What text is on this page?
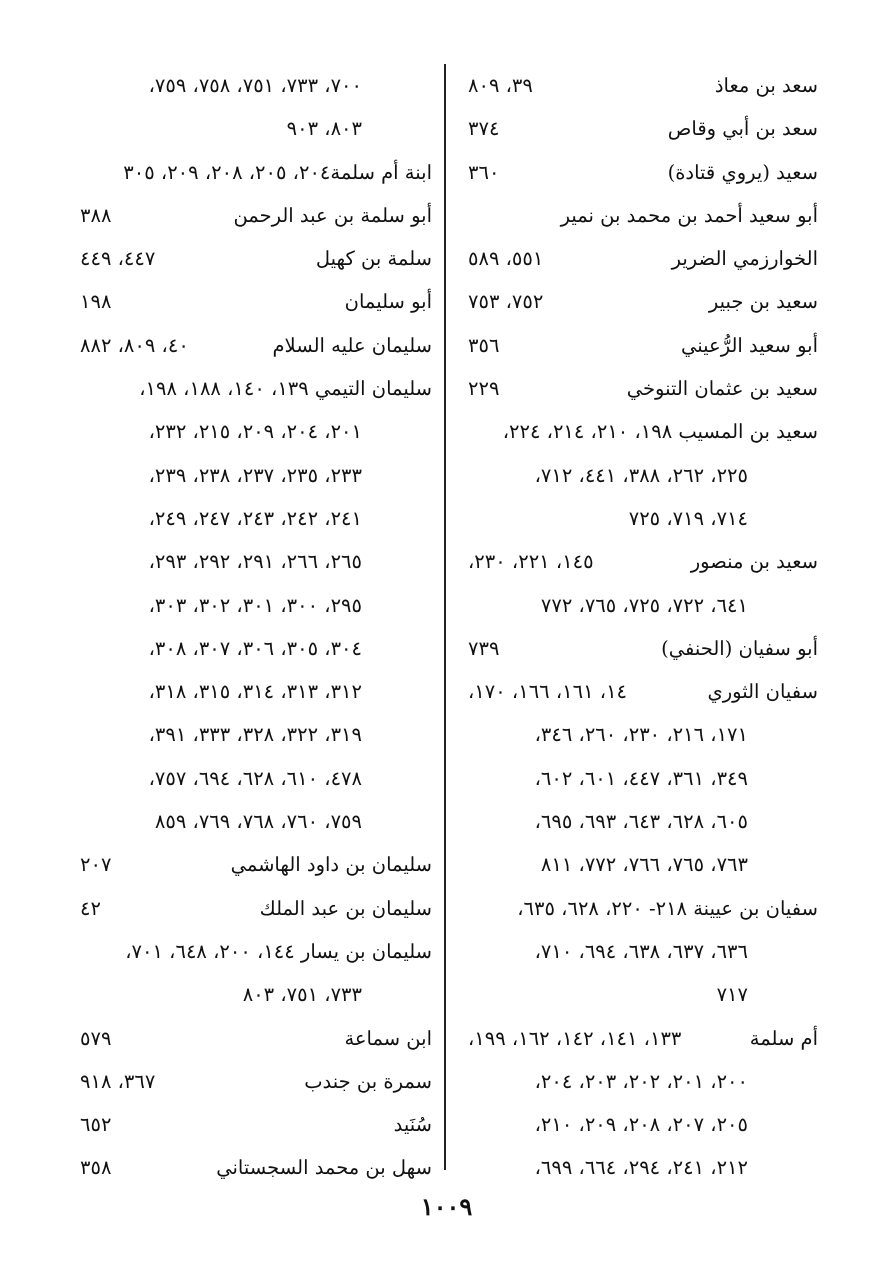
سعد بن معاذ
٣٩، ٨٠٩
سعد بن أبي وقاص
٣٧٤
سعيد (يروي قتادة)
٣٦٠
أبو سعيد أحمد بن محمد بن نمير
الخوارزمي الضرير
٥٥١، ٥٨٩
سعيد بن جبير
٧٥٢، ٧٥٣
أبو سعيد الرُّعيني
٣٥٦
سعيد بن عثمان التنوخي
٢٢٩
سعيد بن المسيب ١٩٨، ٢١٠، ٢١٤، ٢٢٤،
٢٢٥، ٢٦٢، ٣٨٨، ٤٤١، ٧١٢،
٧١٤، ٧١٩، ٧٢٥
سعيد بن منصور
١٤٥، ٢٢١، ٢٣٠،
٦٤١، ٧٢٢، ٧٢٥، ٧٦٥، ٧٧٢
أبو سفيان (الحنفي)
٧٣٩
سفيان الثوري
١٤، ١٦١، ١٦٦، ١٧٠،
١٧١، ٢١٦، ٢٣٠، ٢٦٠، ٣٤٦،
٣٤٩، ٣٦١، ٤٤٧، ٦٠١، ٦٠٢،
٦٠٥، ٦٢٨، ٦٤٣، ٦٩٣، ٦٩٥،
٧٦٣، ٧٦٥، ٧٦٦، ٧٧٢، ٨١١
سفيان بن عيينة ٢١٨- ٢٢٠، ٦٢٨، ٦٣٥،
٦٣٦، ٦٣٧، ٦٣٨، ٦٩٤، ٧١٠،
٧١٧
أم سلمة
١٣٣، ١٤١، ١٤٢، ١٦٢، ١٩٩،
٢٠٠، ٢٠١، ٢٠٢، ٢٠٣، ٢٠٤،
٢٠٥، ٢٠٧، ٢٠٨، ٢٠٩، ٢١٠،
٢١٢، ٢٤١، ٢٩٤، ٦٦٤، ٦٩٩،
٧٠٠، ٧٣٣، ٧٥١، ٧٥٨، ٧٥٩،
٨٠٣، ٩٠٣
ابنة أم سلمة٢٠٤، ٢٠٥، ٢٠٨، ٢٠٩، ٣٠٥
أبو سلمة بن عبد الرحمن
٣٨٨
سلمة بن كهيل
٤٤٧، ٤٤٩
أبو سليمان
١٩٨
سليمان عليه السلام
٤٠، ٨٠٩، ٨٨٢
سليمان التيمي ١٣٩، ١٤٠، ١٨٨، ١٩٨،
٢٠١، ٢٠٤، ٢٠٩، ٢١٥، ٢٣٢،
٢٣٣، ٢٣٥، ٢٣٧، ٢٣٨، ٢٣٩،
٢٤١، ٢٤٢، ٢٤٣، ٢٤٧، ٢٤٩،
٢٦٥، ٢٦٦، ٢٩١، ٢٩٢، ٢٩٣،
٢٩٥، ٣٠٠، ٣٠١، ٣٠٢، ٣٠٣،
٣٠٤، ٣٠٥، ٣٠٦، ٣٠٧، ٣٠٨،
٣١٢، ٣١٣، ٣١٤، ٣١٥، ٣١٨،
٣١٩، ٣٢٢، ٣٢٨، ٣٣٣، ٣٩١،
٤٧٨، ٦١٠، ٦٢٨، ٦٩٤، ٧٥٧،
٧٥٩، ٧٦٠، ٧٦٨، ٧٦٩، ٨٥٩
سليمان بن داود الهاشمي
٢٠٧
سليمان بن عبد الملك
٤٢
سليمان بن يسار ١٤٤، ٢٠٠، ٦٤٨، ٧٠١،
٧٣٣، ٧٥١، ٨٠٣
ابن سماعة
٥٧٩
سمرة بن جندب
٣٦٧، ٩١٨
سُنَيد
٦٥٢
سهل بن محمد السجستاني
٣٥٨
١٠٠٩
